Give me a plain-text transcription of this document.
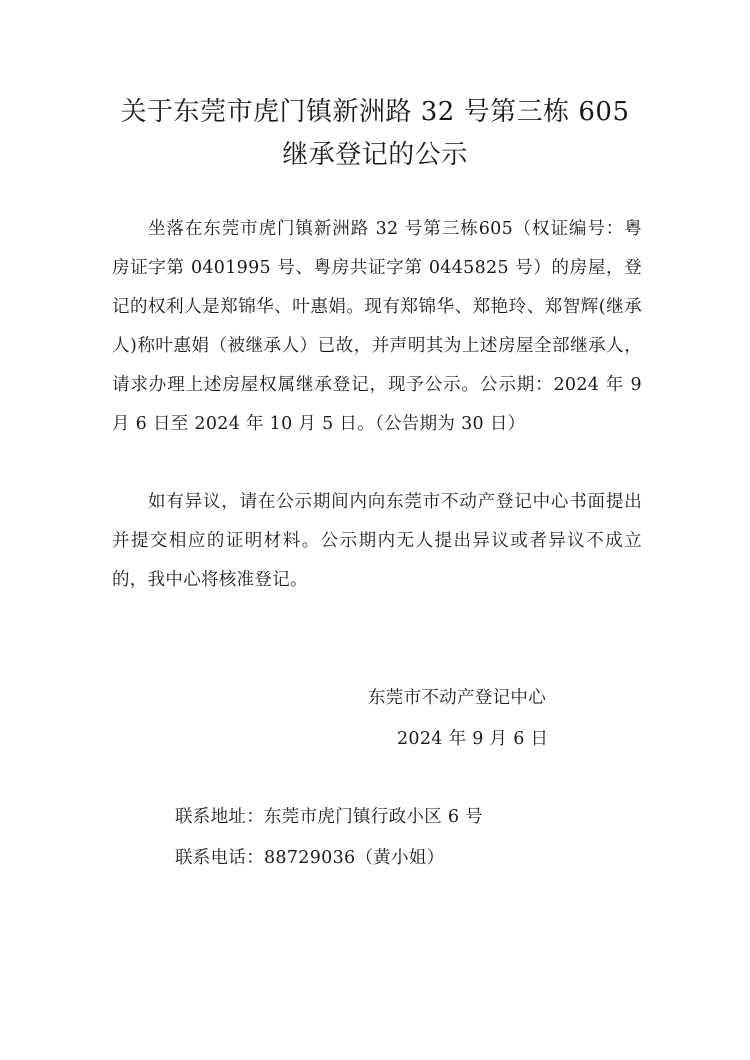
关于东莞市虎门镇新洲路 32 号第三栋 605
继承登记的公示
坐落在东莞市虎门镇新洲路 32 号第三栋605（权证编号：粤房证字第 0401995 号、粤房共证字第 0445825 号）的房屋，登记的权利人是郑锦华、叶惠娟。现有郑锦华、郑艳玲、郑智辉(继承人)称叶惠娟（被继承人）已故，并声明其为上述房屋全部继承人，请求办理上述房屋权属继承登记，现予公示。公示期：2024 年 9 月 6 日至 2024 年 10 月 5 日。（公告期为 30 日）
如有异议，请在公示期间内向东莞市不动产登记中心书面提出并提交相应的证明材料。公示期内无人提出异议或者异议不成立的，我中心将核准登记。
东莞市不动产登记中心
2024 年 9 月 6 日
联系地址：东莞市虎门镇行政小区 6 号
联系电话：88729036（黄小姐）
